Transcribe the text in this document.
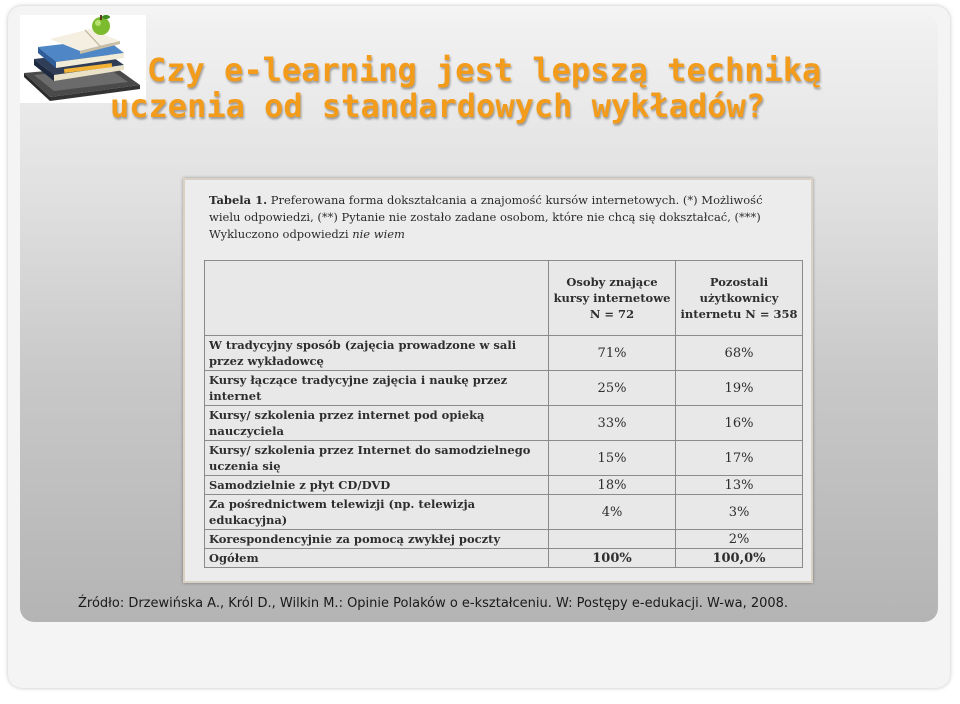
Czy e-learning jest lepszą techniką
uczenia od standardowych wykładów?
Tabela 1. Preferowana forma dokształcania a znajomość kursów internetowych. (*) Możliwość wielu odpowiedzi, (**) Pytanie nie zostało zadane osobom, które nie chcą się dokształcać, (***) Wykluczono odpowiedzi nie wiem
	Osoby znające kursy internetowe N = 72	Pozostali użytkownicy internetu N = 358
W tradycyjny sposób (zajęcia prowadzone w sali przez wykładowcę	71%	68%
Kursy łączące tradycyjne zajęcia i naukę przez internet	25%	19%
Kursy/ szkolenia przez internet pod opieką nauczyciela	33%	16%
Kursy/ szkolenia przez Internet do samodzielnego uczenia się	15%	17%
Samodzielnie z płyt CD/DVD	18%	13%
Za pośrednictwem telewizji (np. telewizja edukacyjna)	4%	3%
Korespondencyjnie za pomocą zwykłej poczty		2%
Ogółem	100%	100,0%
Źródło: Drzewińska A., Król D., Wilkin M.: Opinie Polaków o e-kształceniu. W: Postępy e-edukacji. W-wa, 2008.
